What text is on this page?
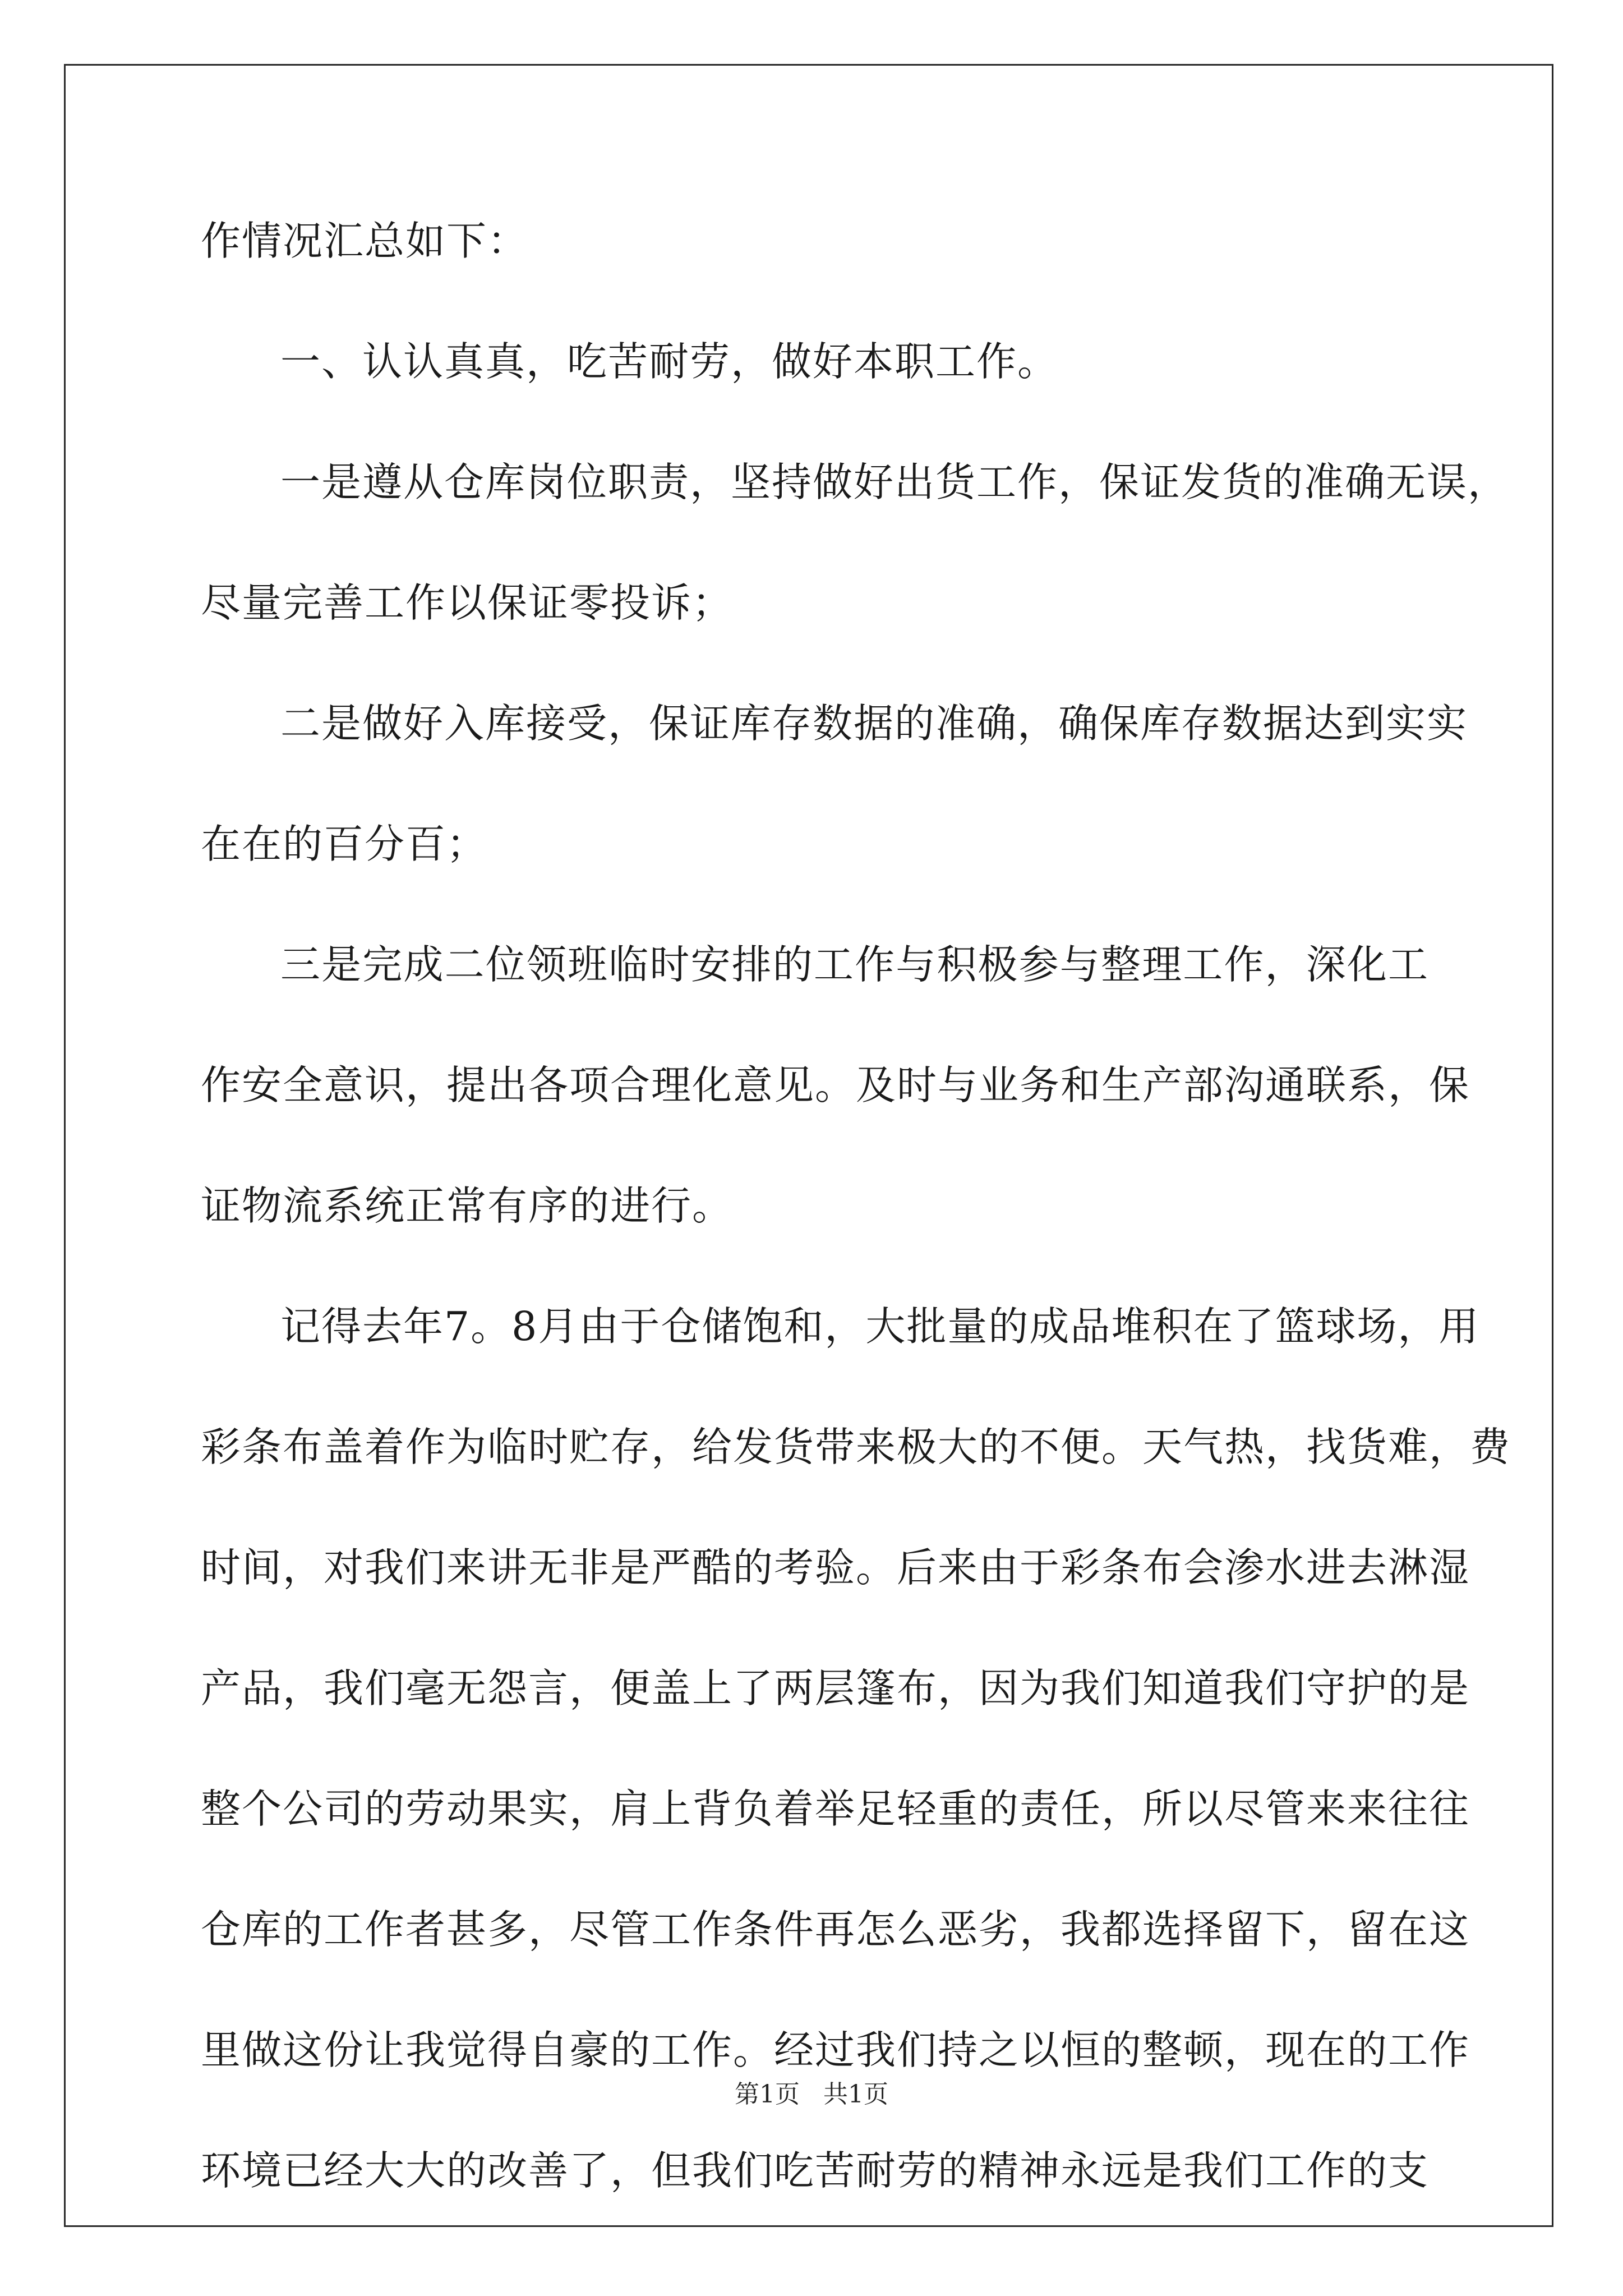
作情况汇总如下：
一、认认真真，吃苦耐劳，做好本职工作。
一是遵从仓库岗位职责，坚持做好出货工作，保证发货的准确无误，
尽量完善工作以保证零投诉；
二是做好入库接受，保证库存数据的准确，确保库存数据达到实实
在在的百分百；
三是完成二位领班临时安排的工作与积极参与整理工作，深化工
作安全意识，提出各项合理化意见。及时与业务和生产部沟通联系，保
证物流系统正常有序的进行。
记得去年7。8月由于仓储饱和，大批量的成品堆积在了篮球场，用
彩条布盖着作为临时贮存，给发货带来极大的不便。天气热，找货难，费
时间，对我们来讲无非是严酷的考验。后来由于彩条布会渗水进去淋湿
产品，我们毫无怨言，便盖上了两层篷布，因为我们知道我们守护的是
整个公司的劳动果实，肩上背负着举足轻重的责任，所以尽管来来往往
仓库的工作者甚多，尽管工作条件再怎么恶劣，我都选择留下，留在这
里做这份让我觉得自豪的工作。经过我们持之以恒的整顿，现在的工作
环境已经大大的改善了，但我们吃苦耐劳的精神永远是我们工作的支
第1页   共1页
